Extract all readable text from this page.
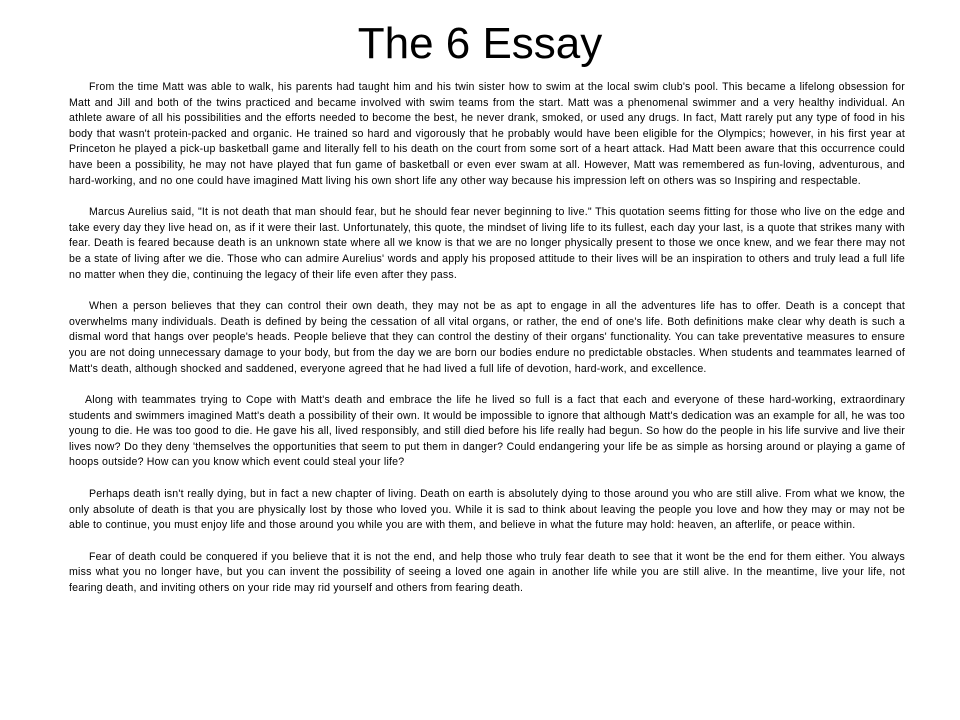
The 6 Essay

From the time Matt was able to walk, his parents had taught him and his twin sister how to swim at the local swim club's pool. This became a lifelong obsession for Matt and Jill and both of the twins practiced and became involved with swim teams from the start. Matt was a phenomenal swimmer and a very healthy individual. An athlete aware of all his possibilities and the efforts needed to become the best, he never drank, smoked, or used any drugs. In fact, Matt rarely put any type of food in his body that wasn't protein-packed and organic. He trained so hard and vigorously that he probably would have been eligible for the Olympics; however, in his first year at Princeton he played a pick-up basketball game and literally fell to his death on the court from some sort of a heart attack. Had Matt been aware that this occurrence could have been a possibility, he may not have played that fun game of basketball or even ever swam at all. However, Matt was remembered as fun-loving, adventurous, and hard-working, and no one could have imagined Matt living his own short life any other way because his impression left on others was so Inspiring and respectable.

Marcus Aurelius said, "It is not death that man should fear, but he should fear never beginning to live." This quotation seems fitting for those who live on the edge and take every day they live head on, as if it were their last. Unfortunately, this quote, the mindset of living life to its fullest, each day your last, is a quote that strikes many with fear. Death is feared because death is an unknown state where all we know is that we are no longer physically present to those we once knew, and we fear there may not be a state of living after we die. Those who can admire Aurelius' words and apply his proposed attitude to their lives will be an inspiration to others and truly lead a full life no matter when they die, continuing the legacy of their life even after they pass.

When a person believes that they can control their own death, they may not be as apt to engage in all the adventures life has to offer. Death is a concept that overwhelms many individuals. Death is defined by being the cessation of all vital organs, or rather, the end of one's life. Both definitions make clear why death is such a dismal word that hangs over people's heads. People believe that they can control the destiny of their organs' functionality. You can take preventative measures to ensure you are not doing unnecessary damage to your body, but from the day we are born our bodies endure no predictable obstacles. When students and teammates learned of Matt's death, although shocked and saddened, everyone agreed that he had lived a full life of devotion, hard-work, and excellence.

Along with teammates trying to Cope with Matt's death and embrace the life he lived so full is a fact that each and everyone of these hard-working, extraordinary students and swimmers imagined Matt's death a possibility of their own. It would be impossible to ignore that although Matt's dedication was an example for all, he was too young to die. He was too good to die. He gave his all, lived responsibly, and still died before his life really had begun. So how do the people in his life survive and live their lives now? Do they deny 'themselves the opportunities that seem to put them in danger? Could endangering your life be as simple as horsing around or playing a game of hoops outside? How can you know which event could steal your life?

Perhaps death isn't really dying, but in fact a new chapter of living. Death on earth is absolutely dying to those around you who are still alive. From what we know, the only absolute of death is that you are physically lost by those who loved you. While it is sad to think about leaving the people you love and how they may or may not be able to continue, you must enjoy life and those around you while you are with them, and believe in what the future may hold: heaven, an afterlife, or peace within.

Fear of death could be conquered if you believe that it is not the end, and help those who truly fear death to see that it wont be the end for them either. You always miss what you no longer have, but you can invent the possibility of seeing a loved one again in another life while you are still alive. In the meantime, live your life, not fearing death, and inviting others on your ride may rid yourself and others from fearing death.
